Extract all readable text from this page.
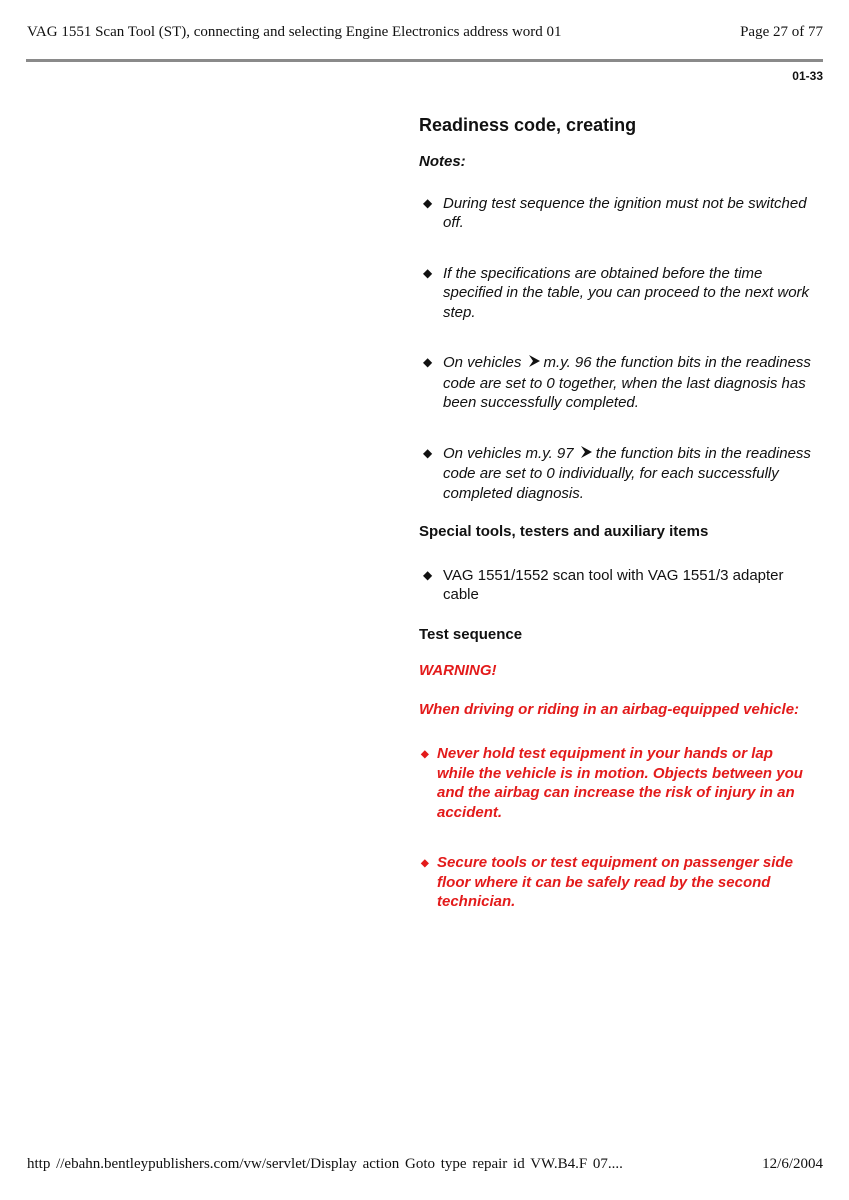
VAG 1551 Scan Tool (ST), connecting and selecting Engine Electronics address word 01	Page 27 of 77
01-33
Readiness code, creating
Notes:
◆ During test sequence the ignition must not be switched off.
◆ If the specifications are obtained before the time specified in the table, you can proceed to the next work step.
◆ On vehicles m.y. 96 the function bits in the readiness code are set to 0 together, when the last diagnosis has been successfully completed.
◆ On vehicles m.y. 97 the function bits in the readiness code are set to 0 individually, for each successfully completed diagnosis.
Special tools, testers and auxiliary items
◆ VAG 1551/1552 scan tool with VAG 1551/3 adapter cable
Test sequence
WARNING!
When driving or riding in an airbag-equipped vehicle:
◆ Never hold test equipment in your hands or lap while the vehicle is in motion. Objects between you and the airbag can increase the risk of injury in an accident.
◆ Secure tools or test equipment on passenger side floor where it can be safely read by the second technician.
http //ebahn.bentleypublishers.com/vw/servlet/Display action Goto type repair id VW.B4.F 07....	12/6/2004
